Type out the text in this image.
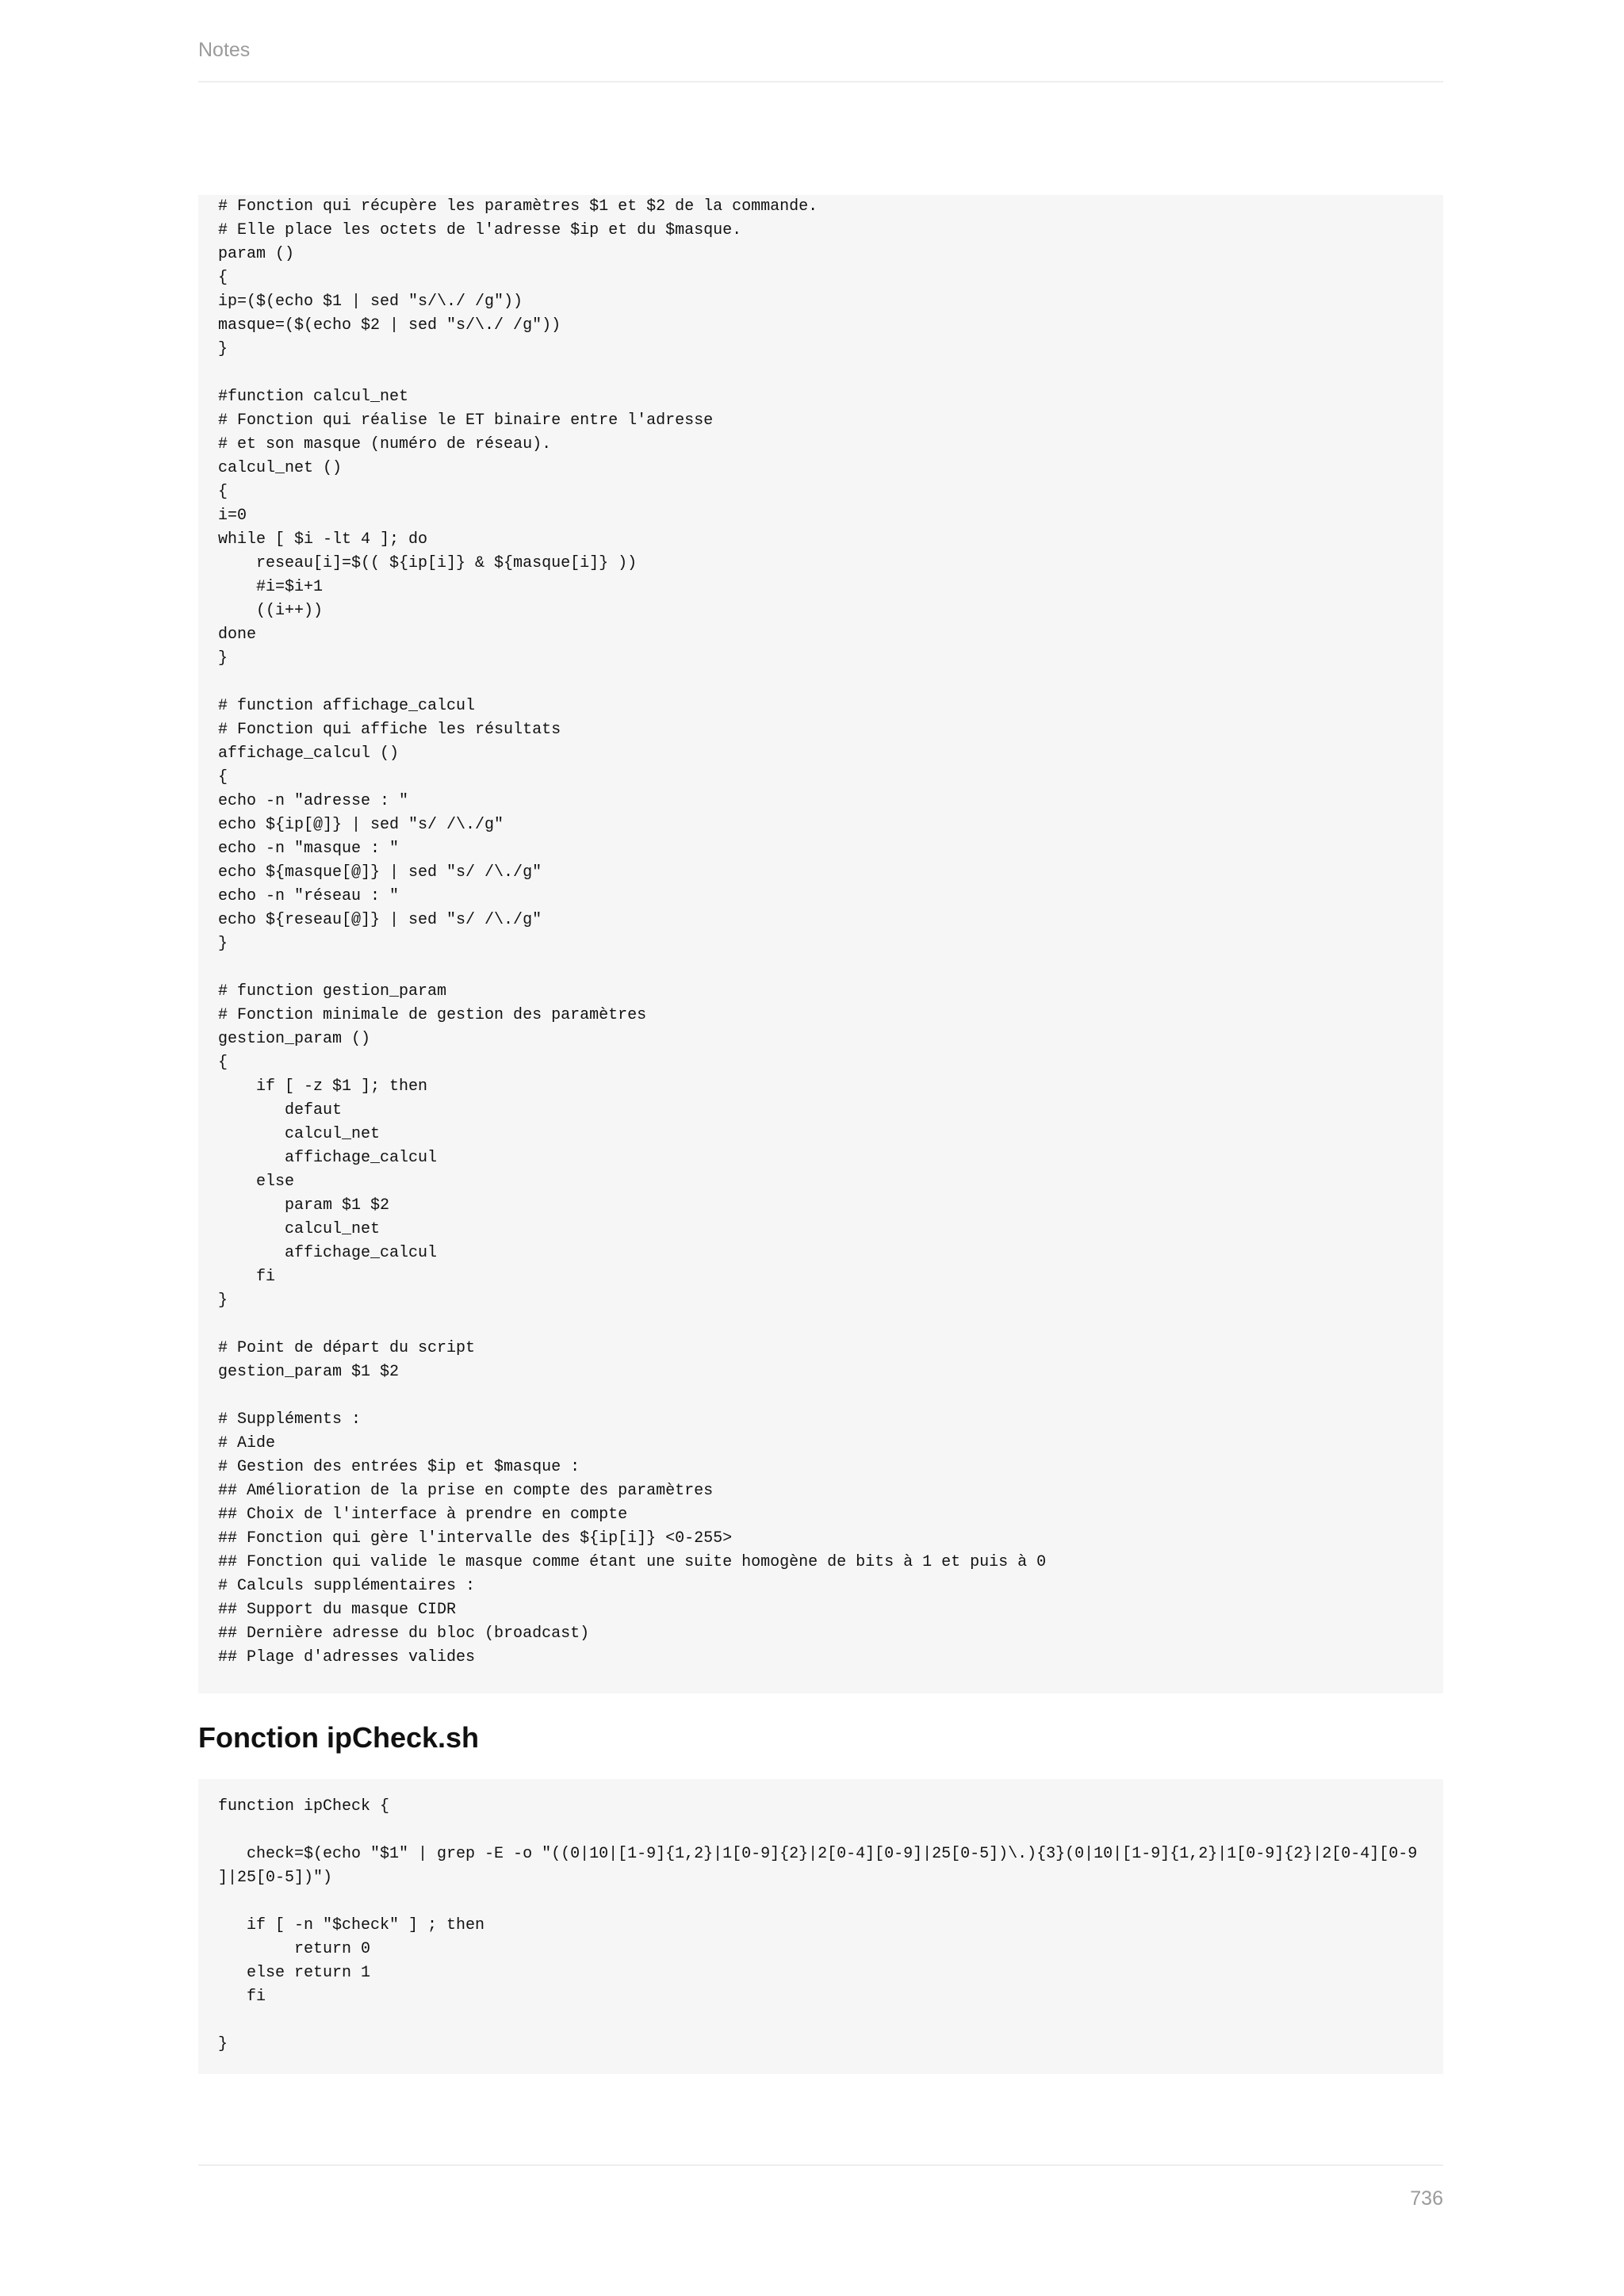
Notes
# Fonction qui récupère les paramètres $1 et $2 de la commande.
# Elle place les octets de l'adresse $ip et du $masque.
param ()
{
ip=($(echo $1 | sed "s/\./ /g"))
masque=($(echo $2 | sed "s/\./ /g"))
}

#function calcul_net
# Fonction qui réalise le ET binaire entre l'adresse
# et son masque (numéro de réseau).
calcul_net ()
{
i=0
while [ $i -lt 4 ]; do
reseau[i]=$(( ${ip[i]} & ${masque[i]} ))
#i=$i+1
((i++))
done
}

# function affichage_calcul
# Fonction qui affiche les résultats
affichage_calcul ()
{
echo -n "adresse : "
echo ${ip[@]} | sed "s/ /\./g"
echo -n "masque : "
echo ${masque[@]} | sed "s/ /\./g"
echo -n "réseau : "
echo ${reseau[@]} | sed "s/ /\./g"
}

# function gestion_param
# Fonction minimale de gestion des paramètres
gestion_param ()
{
if [ -z $1 ]; then
defaut
calcul_net
affichage_calcul
else
param $1 $2
calcul_net
affichage_calcul
fi
}

# Point de départ du script
gestion_param $1 $2

# Suppléments :
# Aide
# Gestion des entrées $ip et $masque :
## Amélioration de la prise en compte des paramètres
## Choix de l'interface à prendre en compte
## Fonction qui gère l'intervalle des ${ip[i]} <0-255>
## Fonction qui valide le masque comme étant une suite homogène de bits à 1 et puis à 0
# Calculs supplémentaires :
## Support du masque CIDR
## Dernière adresse du bloc (broadcast)
## Plage d'adresses valides
Fonction ipCheck.sh
function ipCheck {

check=$(echo "$1" | grep -E -o "((0|10|[1-9]{1,2}|1[0-9]{2}|2[0-4][0-9]|25[0-5])\.){3}(0|10|[1-9]{1,2}|1[0-9]{2}|2[0-4][0-9
]|25[0-5])")

if [ -n "$check" ] ; then
return 0
else return 1
fi

}
736
